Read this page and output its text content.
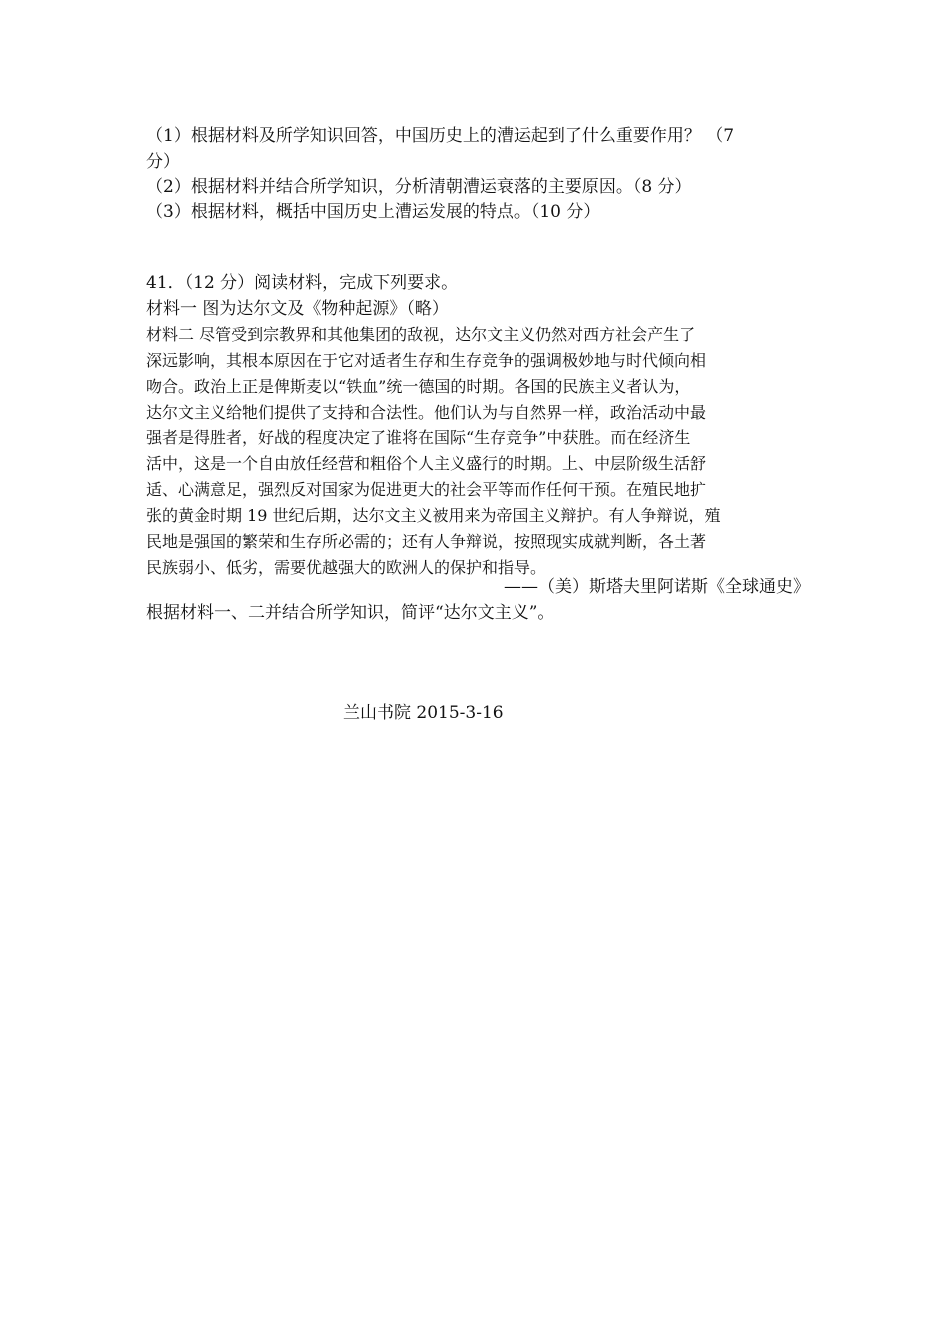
（1）根据材料及所学知识回答，中国历史上的漕运起到了什么重要作用？ （7
分）
（2）根据材料并结合所学知识，分析清朝漕运衰落的主要原因。（8 分）
（3）根据材料，概括中国历史上漕运发展的特点。（10 分）
41．（12 分）阅读材料，完成下列要求。
材料一 图为达尔文及《物种起源》（略）
材料二 尽管受到宗教界和其他集团的敌视，达尔文主义仍然对西方社会产生了
深远影响，其根本原因在于它对适者生存和生存竞争的强调极妙地与时代倾向相
吻合。政治上正是俾斯麦以“铁血”统一德国的时期。各国的民族主义者认为，
达尔文主义给牠们提供了支持和合法性。他们认为与自然界一样，政治活动中最
强者是得胜者，好战的程度决定了谁将在国际“生存竞争”中获胜。而在经济生
活中，这是一个自由放任经营和粗俗个人主义盛行的时期。上、中层阶级生活舒
适、心满意足，强烈反对国家为促进更大的社会平等而作任何干预。在殖民地扩
张的黄金时期 19 世纪后期，达尔文主义被用来为帝国主义辩护。有人争辩说，殖
民地是强国的繁荣和生存所必需的；还有人争辩说，按照现实成就判断，各土著
民族弱小、低劣，需要优越强大的欧洲人的保护和指导。
——（美）斯塔夫里阿诺斯《全球通史》
根据材料一、二并结合所学知识，简评“达尔文主义”。
兰山书院 2015-3-16
